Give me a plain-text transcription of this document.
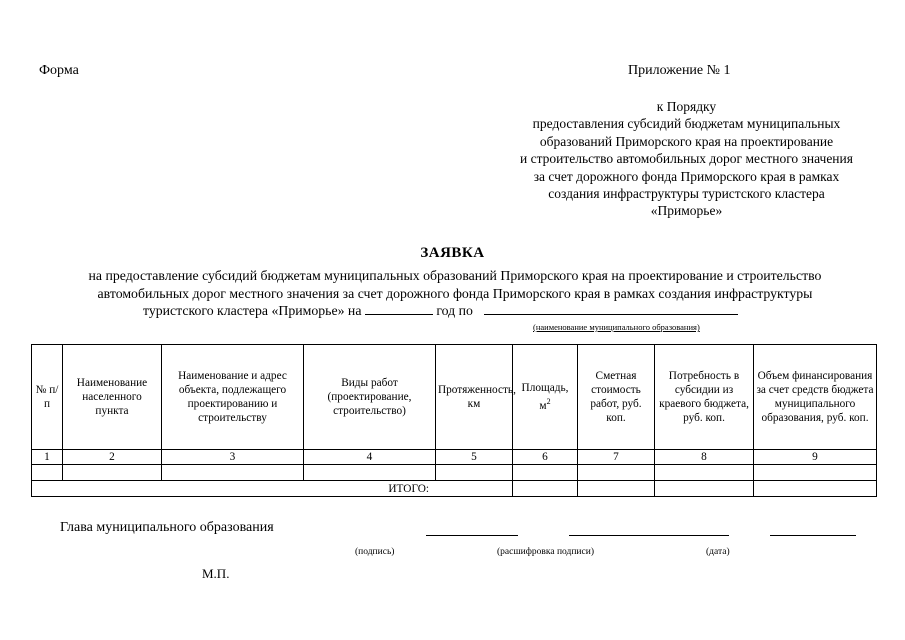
Форма	Приложение № 1
к Порядку
предоставления субсидий бюджетам муниципальных
образований Приморского края на проектирование
и строительство автомобильных дорог местного значения
за счет дорожного фонда Приморского края в рамках
создания инфраструктуры туристского кластера
«Приморье»
ЗАЯВКА
на предоставление субсидий бюджетам муниципальных образований Приморского края на проектирование и строительство
автомобильных дорог местного значения за счет дорожного фонда Приморского края в рамках создания инфраструктуры
туристского кластера «Приморье» на	год по
(наименование муниципального образования)
№ п/п	Наименование населенного пункта	Наименование и адрес объекта, подлежащего проектированию и строительству	Виды работ (проектирование, строительство)	Протяженность, км	Площадь, $м^2$	Сметная стоимость работ, руб. коп.	Потребность в субсидии из краевого бюджета, руб. коп.	Объем финансирования за счет средств бюджета муниципального образования, руб. коп.
1	2	3	4	5	6	7	8	9

ИТОГО:								
Глава муниципального образования
(подпись)	(расшифровка подписи)	(дата)
М.П.
